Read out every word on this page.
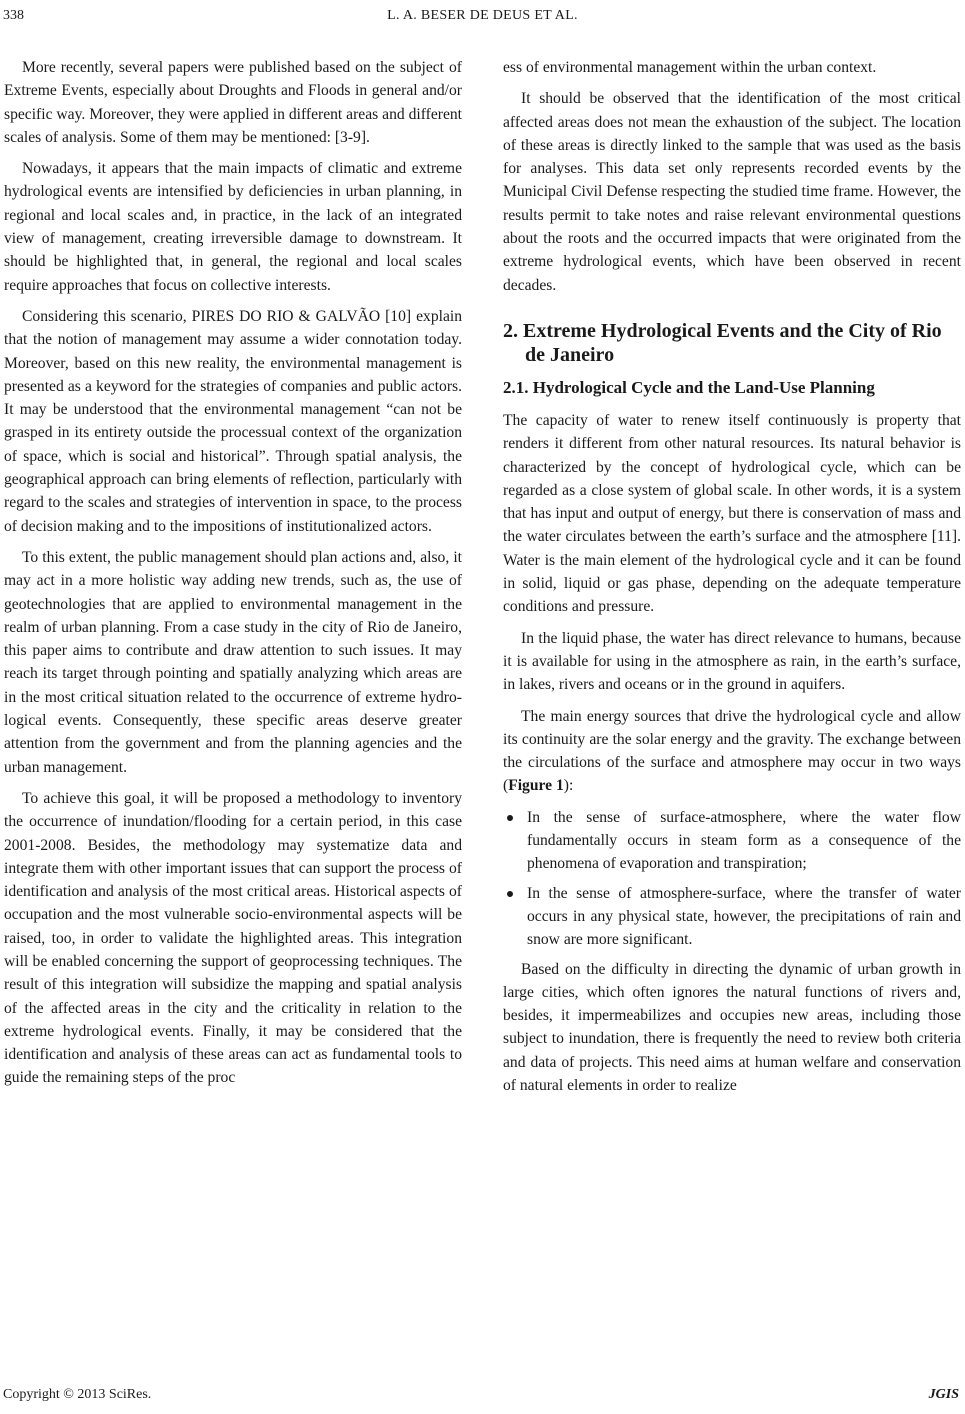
338	L. A. BESER DE DEUS ET AL.

More recently, several papers were published based on the subject of Extreme Events, especially about Droughts and Floods in general and/or specific way. Moreover, they were applied in different areas and different scales of analysis. Some of them may be mentioned: [3-9].

Nowadays, it appears that the main impacts of climatic and extreme hydrological events are intensified by deficiencies in urban planning, in regional and local scales and, in practice, in the lack of an integrated view of management, creating irreversible damage to downstream. It should be highlighted that, in general, the regional and local scales require approaches that focus on collective interests.

Considering this scenario, PIRES DO RIO & GALVÃO [10] explain that the notion of management may assume a wider connotation today. Moreover, based on this new reality, the environmental management is presented as a keyword for the strategies of companies and public actors. It may be understood that the environmental management “can not be grasped in its entirety outside the processual context of the organization of space, which is social and historical”. Through spatial analysis, the geographical approach can bring elements of reflection, particularly with regard to the scales and strategies of intervention in space, to the process of decision making and to the impositions of institutionalized actors.

To this extent, the public management should plan actions and, also, it may act in a more holistic way adding new trends, such as, the use of geotechnologies that are applied to environmental management in the realm of urban planning. From a case study in the city of Rio de Janeiro, this paper aims to contribute and draw attention to such issues. It may reach its target through pointing and spatially analyzing which areas are in the most critical situation related to the occurrence of extreme hydrological events. Consequently, these specific areas deserve greater attention from the government and from the planning agencies and the urban management.

To achieve this goal, it will be proposed a methodology to inventory the occurrence of inundation/flooding for a certain period, in this case 2001-2008. Besides, the methodology may systematize data and integrate them with other important issues that can support the process of identification and analysis of the most critical areas. Historical aspects of occupation and the most vulnerable socio-environmental aspects will be raised, too, in order to validate the highlighted areas. This integration will be enabled concerning the support of geoprocessing techniques. The result of this integration will subsidize the mapping and spatial analysis of the affected areas in the city and the criticality in relation to the extreme hydrological events. Finally, it may be considered that the identification and analysis of these areas can act as fundamental tools to guide the remaining steps of the proc

ess of environmental management within the urban context.

It should be observed that the identification of the most critical affected areas does not mean the exhaustion of the subject. The location of these areas is directly linked to the sample that was used as the basis for analyses. This data set only represents recorded events by the Municipal Civil Defense respecting the studied time frame. However, the results permit to take notes and raise relevant environmental questions about the roots and the occurred impacts that were originated from the extreme hydrological events, which have been observed in recent decades.

2. Extreme Hydrological Events and the City of Rio de Janeiro
2.1. Hydrological Cycle and the Land-Use Planning

The capacity of water to renew itself continuously is property that renders it different from other natural resources. Its natural behavior is characterized by the concept of hydrological cycle, which can be regarded as a close system of global scale. In other words, it is a system that has input and output of energy, but there is conservation of mass and the water circulates between the earth’s surface and the atmosphere [11]. Water is the main element of the hydrological cycle and it can be found in solid, liquid or gas phase, depending on the adequate temperature conditions and pressure.

In the liquid phase, the water has direct relevance to humans, because it is available for using in the atmosphere as rain, in the earth’s surface, in lakes, rivers and oceans or in the ground in aquifers.

The main energy sources that drive the hydrological cycle and allow its continuity are the solar energy and the gravity. The exchange between the circulations of the surface and atmosphere may occur in two ways (Figure 1):

In the sense of surface-atmosphere, where the water flow fundamentally occurs in steam form as a consequence of the phenomena of evaporation and transpiration;
In the sense of atmosphere-surface, where the transfer of water occurs in any physical state, however, the precipitations of rain and snow are more significant.

Based on the difficulty in directing the dynamic of urban growth in large cities, which often ignores the natural functions of rivers and, besides, it impermeabilizes and occupies new areas, including those subject to inundation, there is frequently the need to review both criteria and data of projects. This need aims at human welfare and conservation of natural elements in order to realize

Copyright © 2013 SciRes.	JGIS
